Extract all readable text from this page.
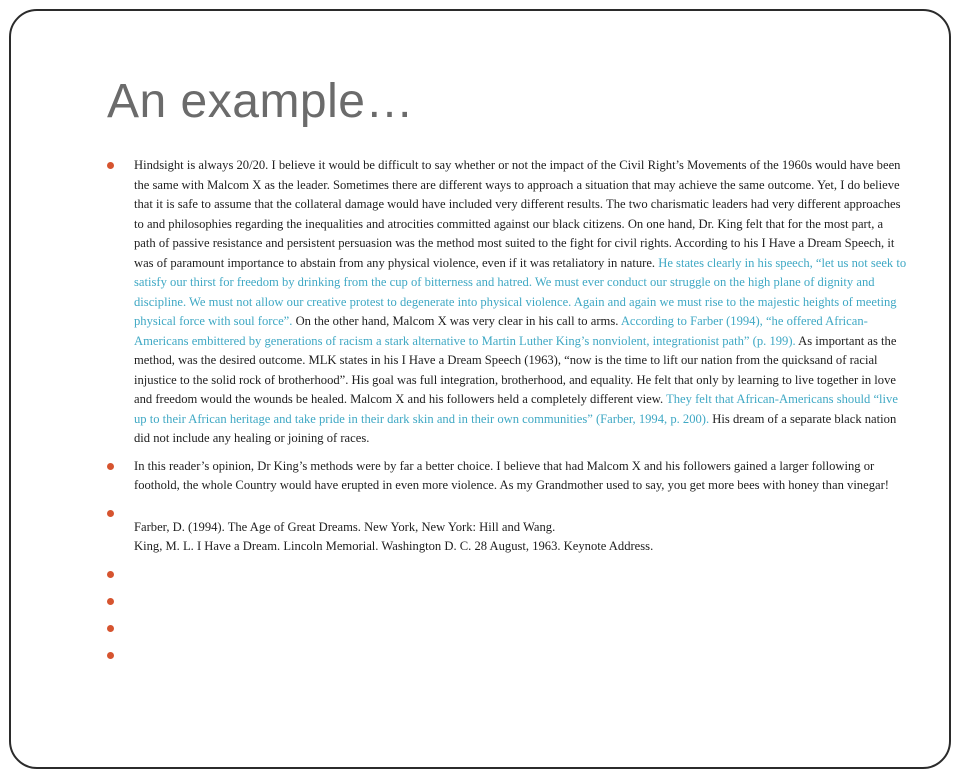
An example…
Hindsight is always 20/20. I believe it would be difficult to say whether or not the impact of the Civil Right’s Movements of the 1960s would have been the same with Malcom X as the leader. Sometimes there are different ways to approach a situation that may achieve the same outcome. Yet, I do believe that it is safe to assume that the collateral damage would have included very different results. The two charismatic leaders had very different approaches to and philosophies regarding the inequalities and atrocities committed against our black citizens. On one hand, Dr. King felt that for the most part, a path of passive resistance and persistent persuasion was the method most suited to the fight for civil rights. According to his I Have a Dream Speech, it was of paramount importance to abstain from any physical violence, even if it was retaliatory in nature. He states clearly in his speech, “let us not seek to satisfy our thirst for freedom by drinking from the cup of bitterness and hatred. We must ever conduct our struggle on the high plane of dignity and discipline. We must not allow our creative protest to degenerate into physical violence. Again and again we must rise to the majestic heights of meeting physical force with soul force”. On the other hand, Malcom X was very clear in his call to arms. According to Farber (1994), “he offered African-Americans embittered by generations of racism a stark alternative to Martin Luther King’s nonviolent, integrationist path” (p. 199). As important as the method, was the desired outcome. MLK states in his I Have a Dream Speech (1963), “now is the time to lift our nation from the quicksand of racial injustice to the solid rock of brotherhood”. His goal was full integration, brotherhood, and equality. He felt that only by learning to live together in love and freedom would the wounds be healed. Malcom X and his followers held a completely different view. They felt that African-Americans should “live up to their African heritage and take pride in their dark skin and in their own communities” (Farber, 1994, p. 200). His dream of a separate black nation did not include any healing or joining of races.
In this reader’s opinion, Dr King’s methods were by far a better choice. I believe that had Malcom X and his followers gained a larger following or foothold, the whole Country would have erupted in even more violence. As my Grandmother used to say, you get more bees with honey than vinegar!
Farber, D. (1994). The Age of Great Dreams. New York, New York: Hill and Wang.
King, M. L. I Have a Dream. Lincoln Memorial. Washington D. C. 28 August, 1963. Keynote Address.
